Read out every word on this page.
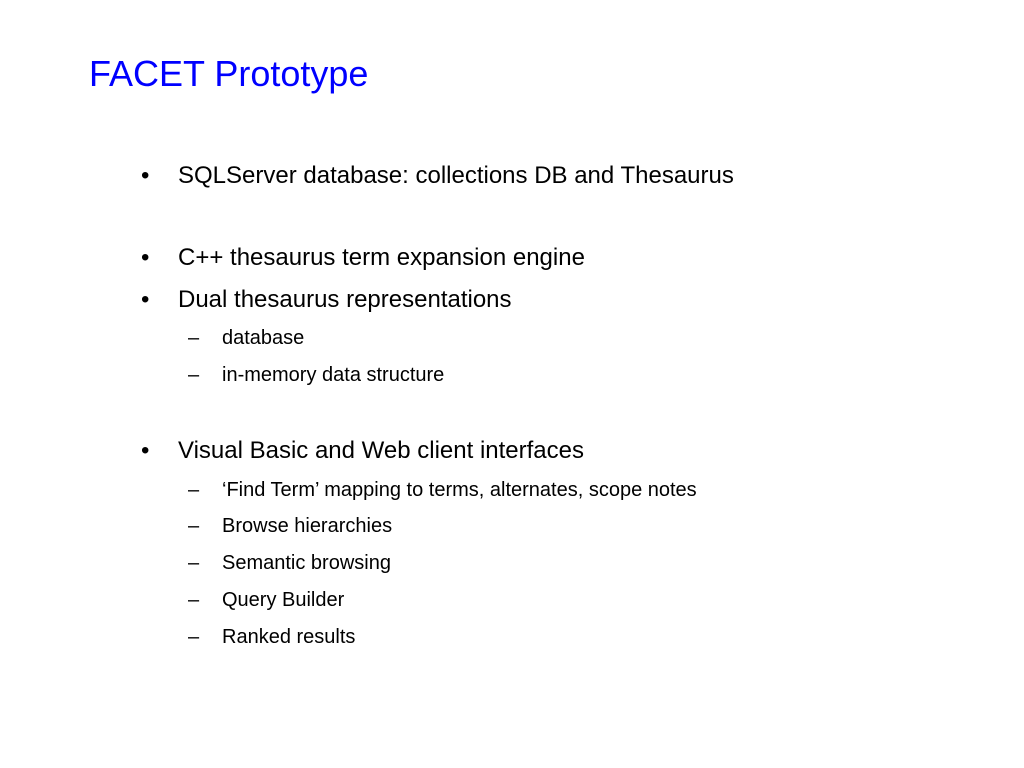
FACET Prototype
• SQLServer database: collections DB and Thesaurus
• C++ thesaurus term expansion engine
• Dual thesaurus representations
– database
– in-memory data structure
• Visual Basic and Web client interfaces
– ‘Find Term’ mapping to terms, alternates, scope notes
– Browse hierarchies
– Semantic browsing
– Query Builder
– Ranked results
